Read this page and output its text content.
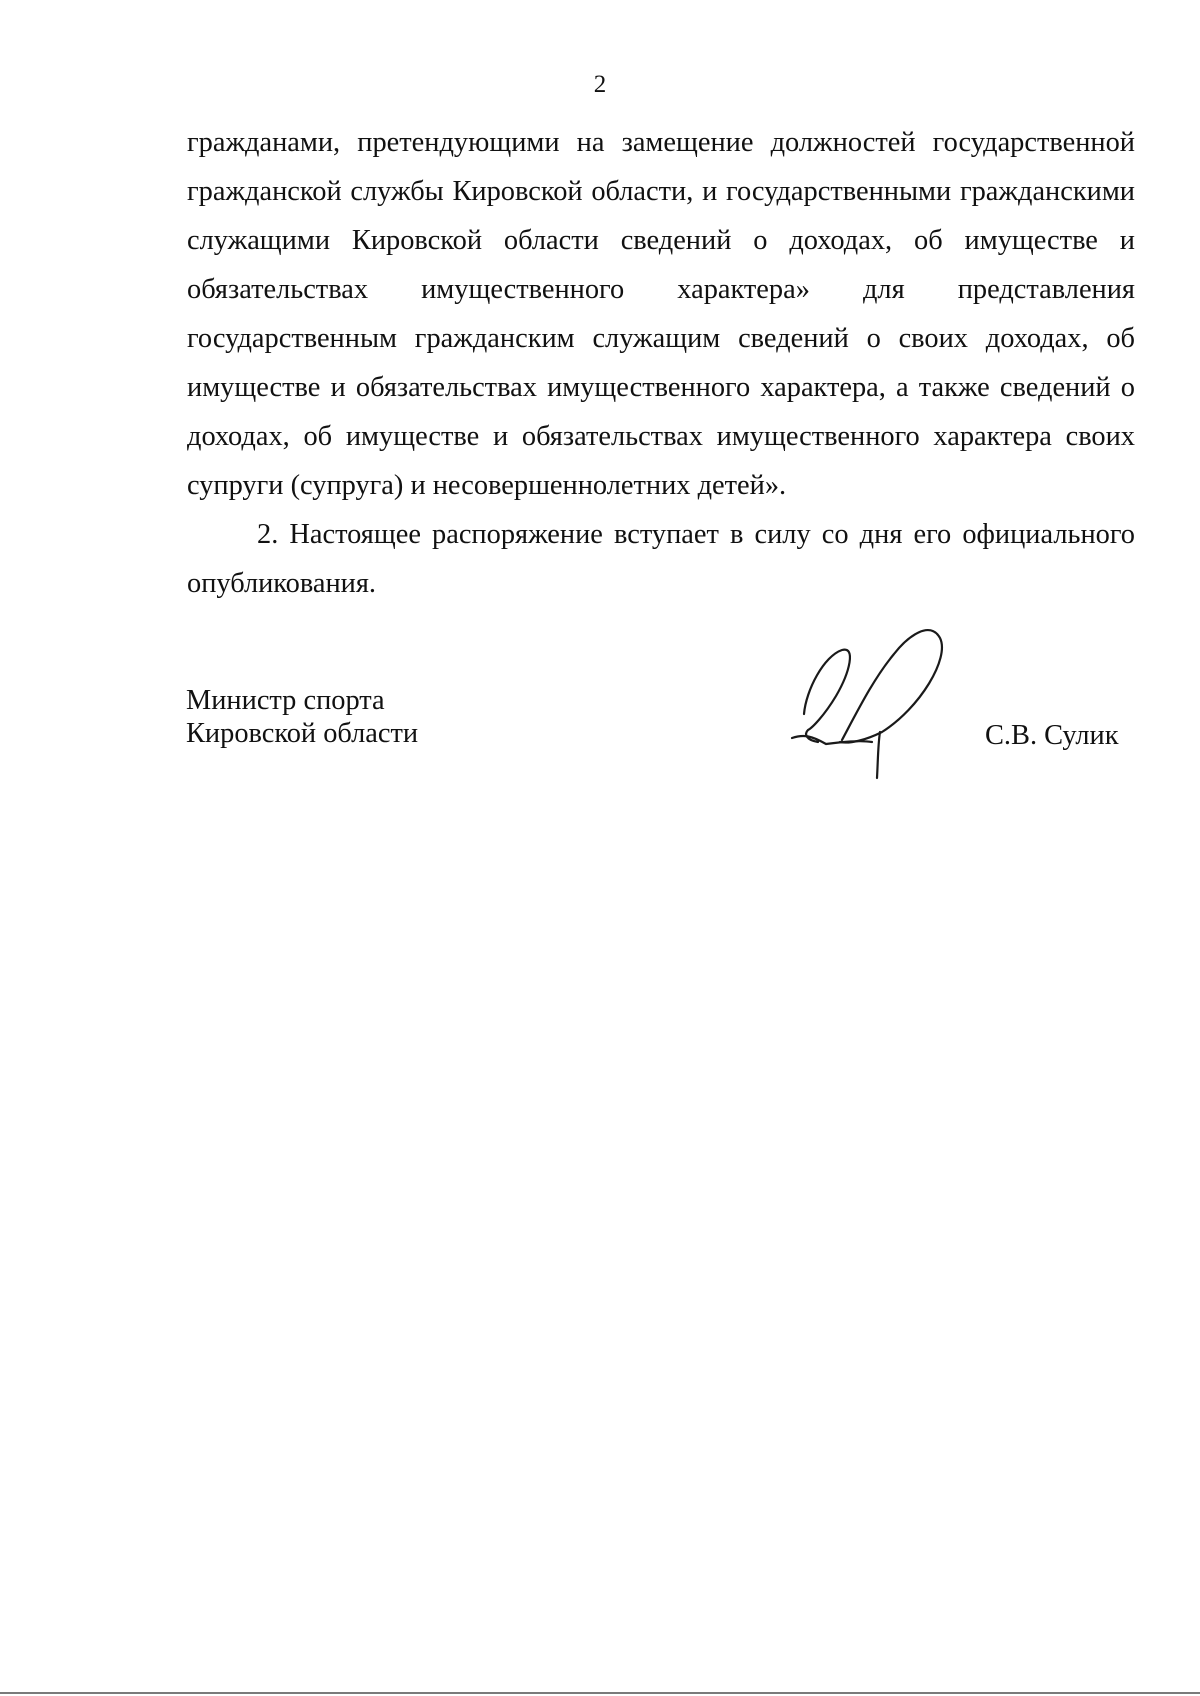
2

гражданами, претендующими на замещение должностей государственной гражданской службы Кировской области, и государственными гражданскими служащими Кировской области сведений о доходах, об имуществе и обязательствах имущественного характера» для представления государственным гражданским служащим сведений о своих доходах, об имуществе и обязательствах имущественного характера, а также сведений о доходах, об имуществе и обязательствах имущественного характера своих супруги (супруга) и несовершеннолетних детей».

2. Настоящее распоряжение вступает в силу со дня его официального опубликования.

Министр спорта
Кировской области	С.В. Сулик
